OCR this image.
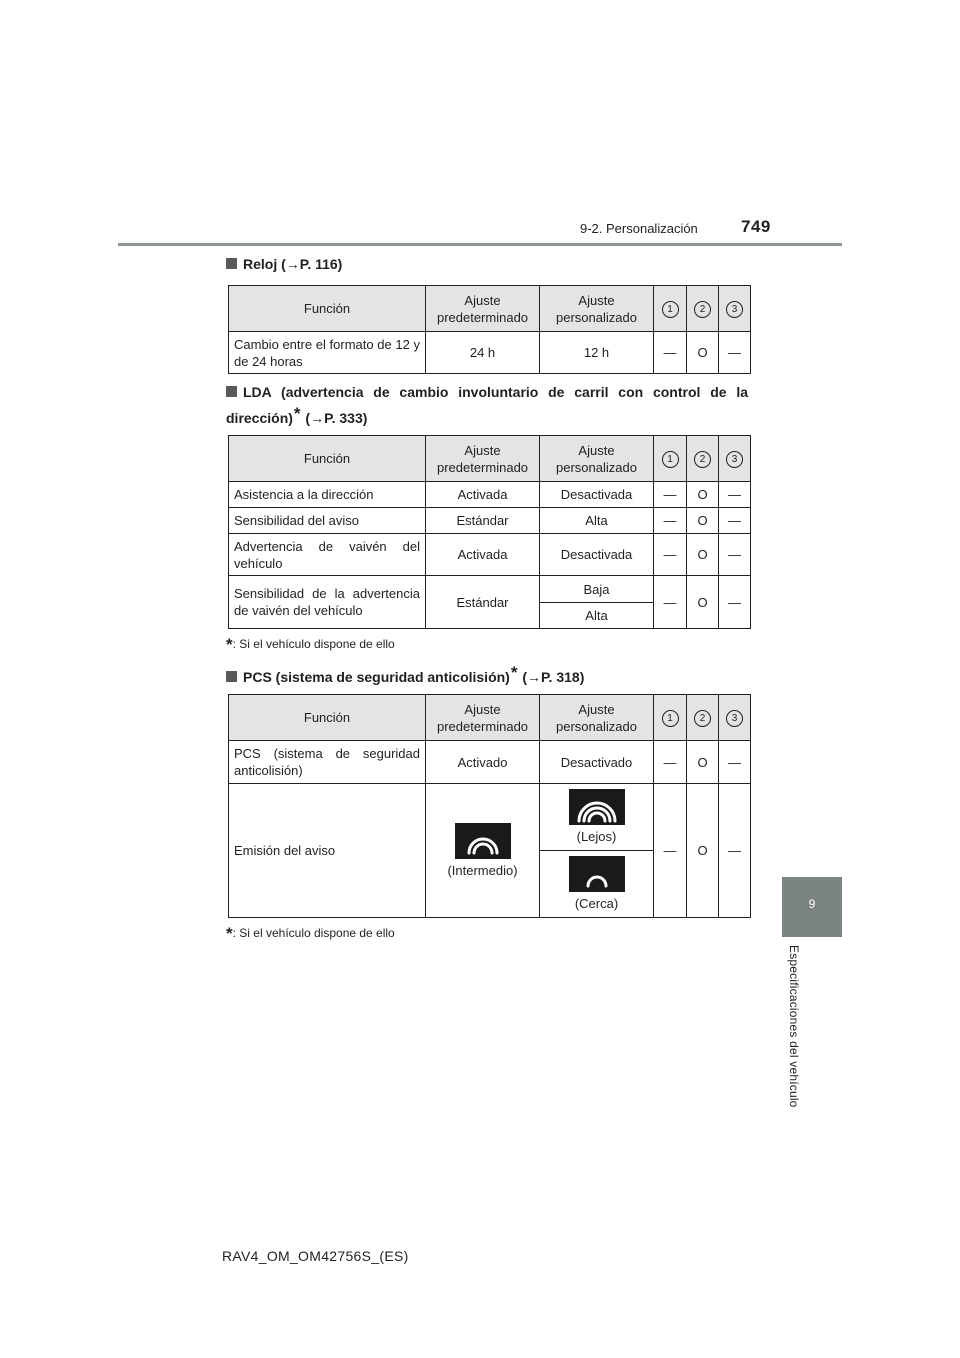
9-2. Personalización	749
9
Especificaciones del vehículo
Reloj (→P. 116)
Función	Ajuste predeterminado	Ajuste personalizado	1	2	3
Cambio entre el formato de 12 y de 24 horas	24 h	12 h	—	O	—
LDA (advertencia de cambio involuntario de carril con control de la dirección)* (→P. 333)
Función	Ajuste predeterminado	Ajuste personalizado	1	2	3
Asistencia a la dirección	Activada	Desactivada	—	O	—
Sensibilidad del aviso	Estándar	Alta	—	O	—
Advertencia de vaivén del vehículo	Activada	Desactivada	—	O	—
Sensibilidad de la advertencia de vaivén del vehículo	Estándar	Baja	—	O	—
		Alta			
*: Si el vehículo dispone de ello
PCS (sistema de seguridad anticolisión)* (→P. 318)
Función	Ajuste predeterminado	Ajuste personalizado	1	2	3
PCS (sistema de seguridad anticolisión)	Activado	Desactivado	—	O	—
Emisión del aviso	(Intermedio)	(Lejos)	—	O	—

		(Cerca)			
*: Si el vehículo dispone de ello
RAV4_OM_OM42756S_(ES)
